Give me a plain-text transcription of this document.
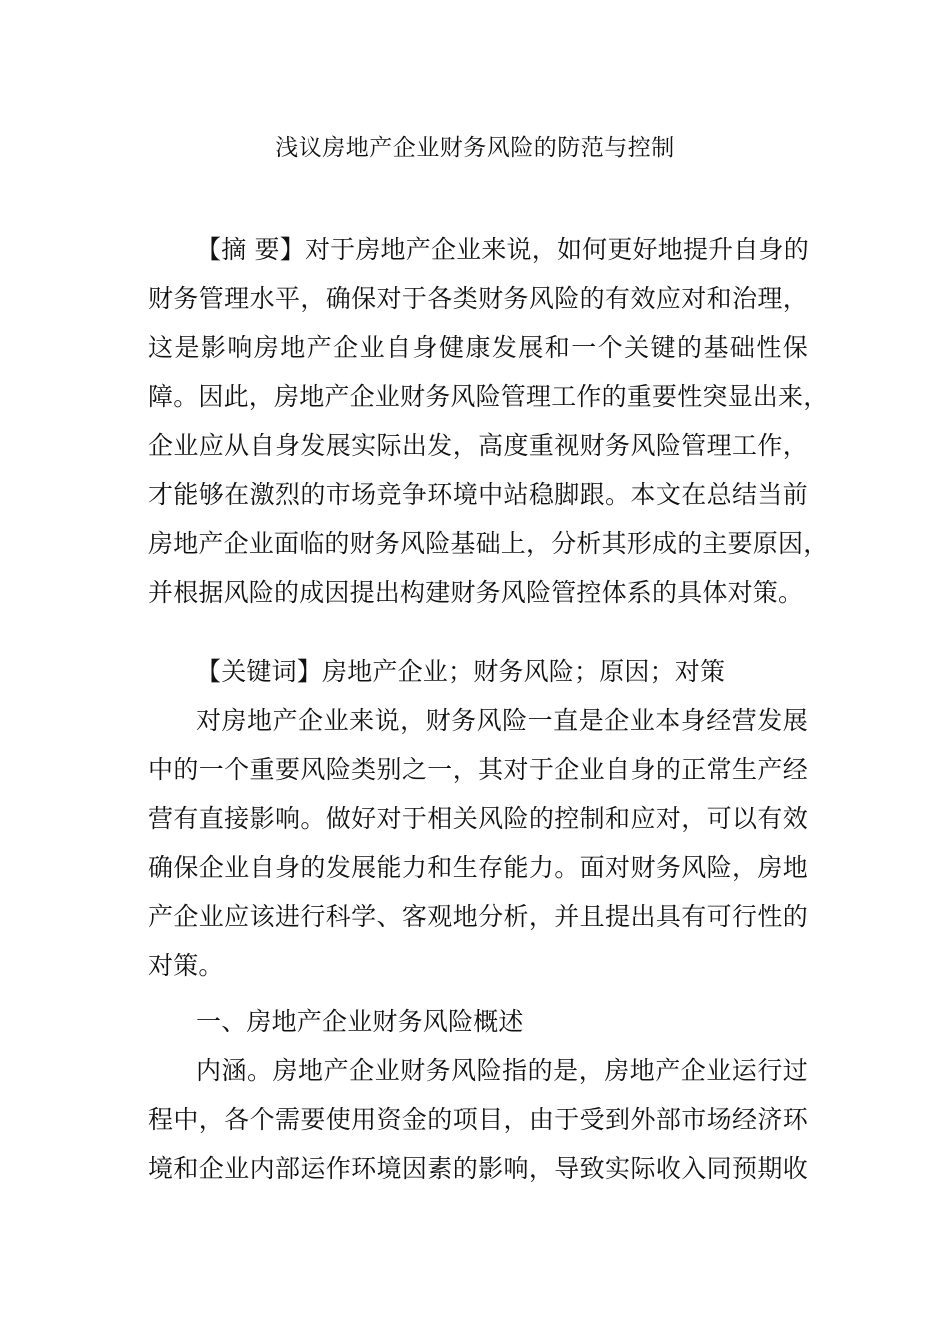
浅议房地产企业财务风险的防范与控制
【摘 要】对于房地产企业来说，如何更好地提升自身的
财务管理水平，确保对于各类财务风险的有效应对和治理，
这是影响房地产企业自身健康发展和一个关键的基础性保
障。因此，房地产企业财务风险管理工作的重要性突显出来，
企业应从自身发展实际出发，高度重视财务风险管理工作，
才能够在激烈的市场竞争环境中站稳脚跟。本文在总结当前
房地产企业面临的财务风险基础上，分析其形成的主要原因，
并根据风险的成因提出构建财务风险管控体系的具体对策。
【关键词】房地产企业；财务风险；原因；对策
对房地产企业来说，财务风险一直是企业本身经营发展
中的一个重要风险类别之一，其对于企业自身的正常生产经
营有直接影响。做好对于相关风险的控制和应对，可以有效
确保企业自身的发展能力和生存能力。面对财务风险，房地
产企业应该进行科学、客观地分析，并且提出具有可行性的
对策。
一、房地产企业财务风险概述
内涵。房地产企业财务风险指的是，房地产企业运行过
程中，各个需要使用资金的项目，由于受到外部市场经济环
境和企业内部运作环境因素的影响，导致实际收入同预期收
